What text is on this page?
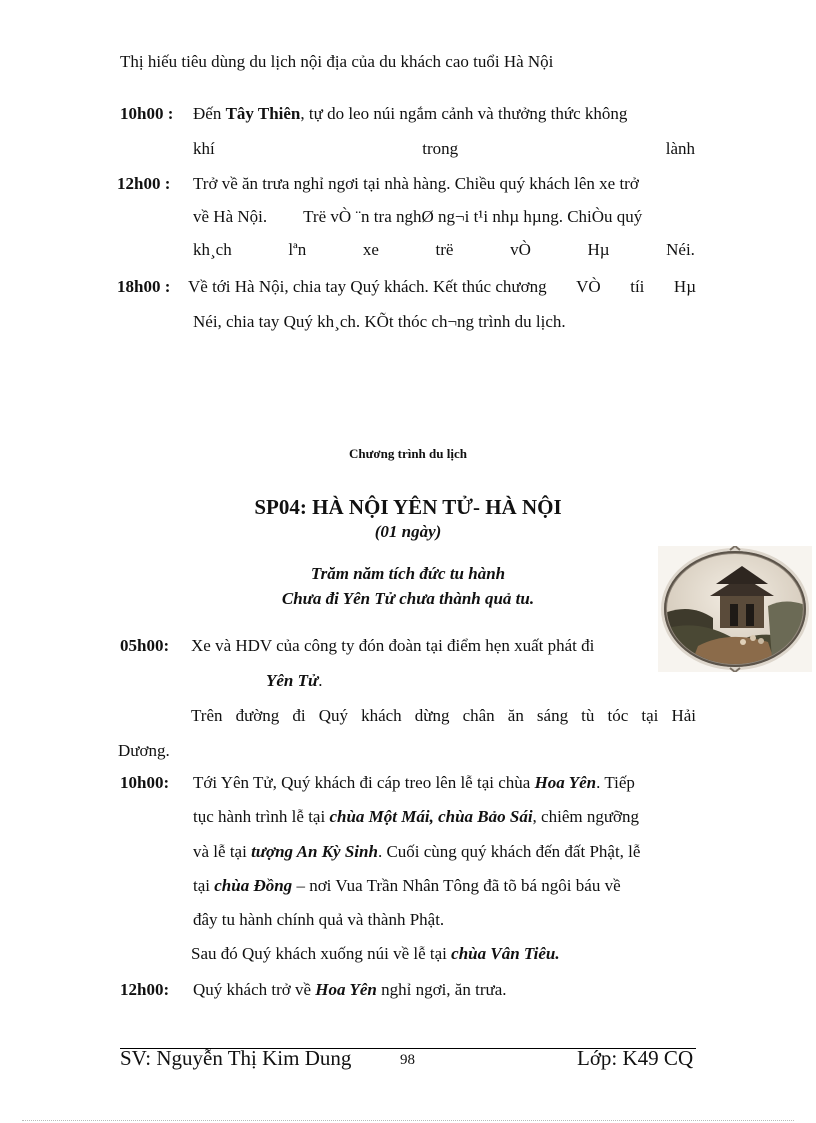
Thị hiếu tiêu dùng du lịch nội địa của du khách cao tuổi Hà Nội
10h00 : Đến Tây Thiên, tự do leo núi ngắm cảnh và thưởng thức không
khí	trong	lành
12h00 : Trở về ăn trưa nghỉ ngơi tại nhà hàng. Chiều quý khách lên xe trở
về Hà Nội. Trë vÒ ¨n tra nghØ ng¬i t¹i nhµ hµng. ChiÒu quý
kh¸ch	lªn	xe	trë	vÒ	Hµ	Néi.
18h00 : Về tới Hà Nội, chia tay Quý khách. Kết thúc chương VÒ tíi Hµ
Néi, chia tay Quý kh¸ch. KÕt thóc ch¬ng trình du lịch.
Chương trình du lịch
SP04: HÀ NỘI YÊN TỬ- HÀ NỘI
(01 ngày)
Trăm năm tích đức tu hành
Chưa đi Yên Tử chưa thành quả tu.
05h00: Xe và HDV của công ty đón đoàn tại điểm hẹn xuất phát đi
Yên Tử.
Trên đường đi Quý khách dừng chân ăn sáng tù tóc tại Hải
Dương.
10h00: Tới Yên Tử, Quý khách đi cáp treo lên lễ tại chùa Hoa Yên. Tiếp
tục hành trình lễ tại chùa Một Mái, chùa Bảo Sái, chiêm ngưỡng
và lễ tại tượng An Kỳ Sinh. Cuối cùng quý khách đến đất Phật, lễ
tại chùa Đồng – nơi Vua Trần Nhân Tông đã tõ bá ngôi báu về
đây tu hành chính quả và thành Phật.
Sau đó Quý khách xuống núi về lễ tại chùa Vân Tiêu.
12h00: Quý khách trở về Hoa Yên nghỉ ngơi, ăn trưa.
SV: Nguyễn Thị Kim Dung	98	Lớp: K49 CQ
